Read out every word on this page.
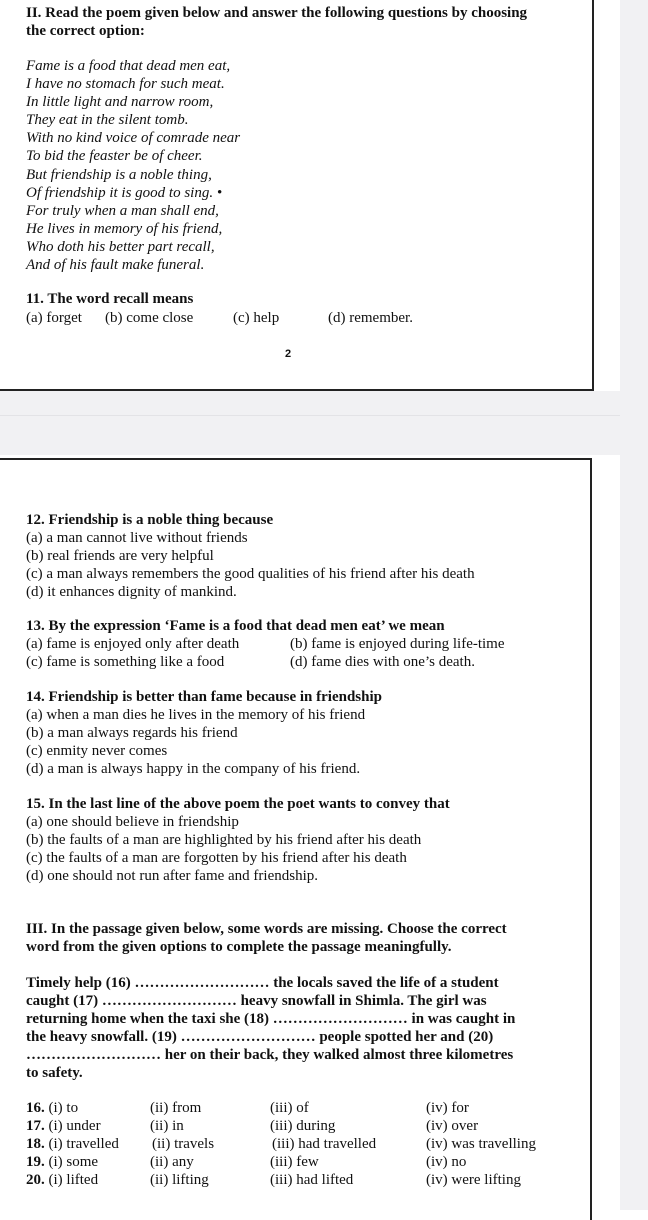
II. Read the poem given below and answer the following questions by choosing
the correct option:
Fame is a food that dead men eat,
I have no stomach for such meat.
In little light and narrow room,
They eat in the silent tomb.
With no kind voice of comrade near
To bid the feaster be of cheer.
But friendship is a noble thing,
Of friendship it is good to sing. •
For truly when a man shall end,
He lives in memory of his friend,
Who doth his better part recall,
And of his fault make funeral.
11. The word recall means
(a) forget (b) come close	(c) help	(d) remember.
2
12. Friendship is a noble thing because
(a) a man cannot live without friends
(b) real friends are very helpful
(c) a man always remembers the good qualities of his friend after his death
(d) it enhances dignity of mankind.
13. By the expression ‘Fame is a food that dead men eat’ we mean
(a) fame is enjoyed only after death	(b) fame is enjoyed during life-time
(c) fame is something like a food	(d) fame dies with one’s death.
14. Friendship is better than fame because in friendship
(a) when a man dies he lives in the memory of his friend
(b) a man always regards his friend
(c) enmity never comes
(d) a man is always happy in the company of his friend.
15. In the last line of the above poem the poet wants to convey that
(a) one should believe in friendship
(b) the faults of a man are highlighted by his friend after his death
(c) the faults of a man are forgotten by his friend after his death
(d) one should not run after fame and friendship.
III. In the passage given below, some words are missing. Choose the correct
word from the given options to complete the passage meaningfully.
Timely help (16) ……………………… the locals saved the life of a student
caught (17) ……………………… heavy snowfall in Shimla. The girl was
returning home when the taxi she (18) ……………………… in was caught in
the heavy snowfall. (19) ……………………… people spotted her and (20)
……………………… her on their back, they walked almost three kilometres
to safety.
16. (i) to	(ii) from	(iii) of	(iv) for
17. (i) under	(ii) in	(iii) during	(iv) over
18. (i) travelled (ii) travels	(iii) had travelled	(iv) was travelling
19. (i) some	(ii) any	(iii) few	(iv) no
20. (i) lifted	(ii) lifting	(iii) had lifted	(iv) were lifting
